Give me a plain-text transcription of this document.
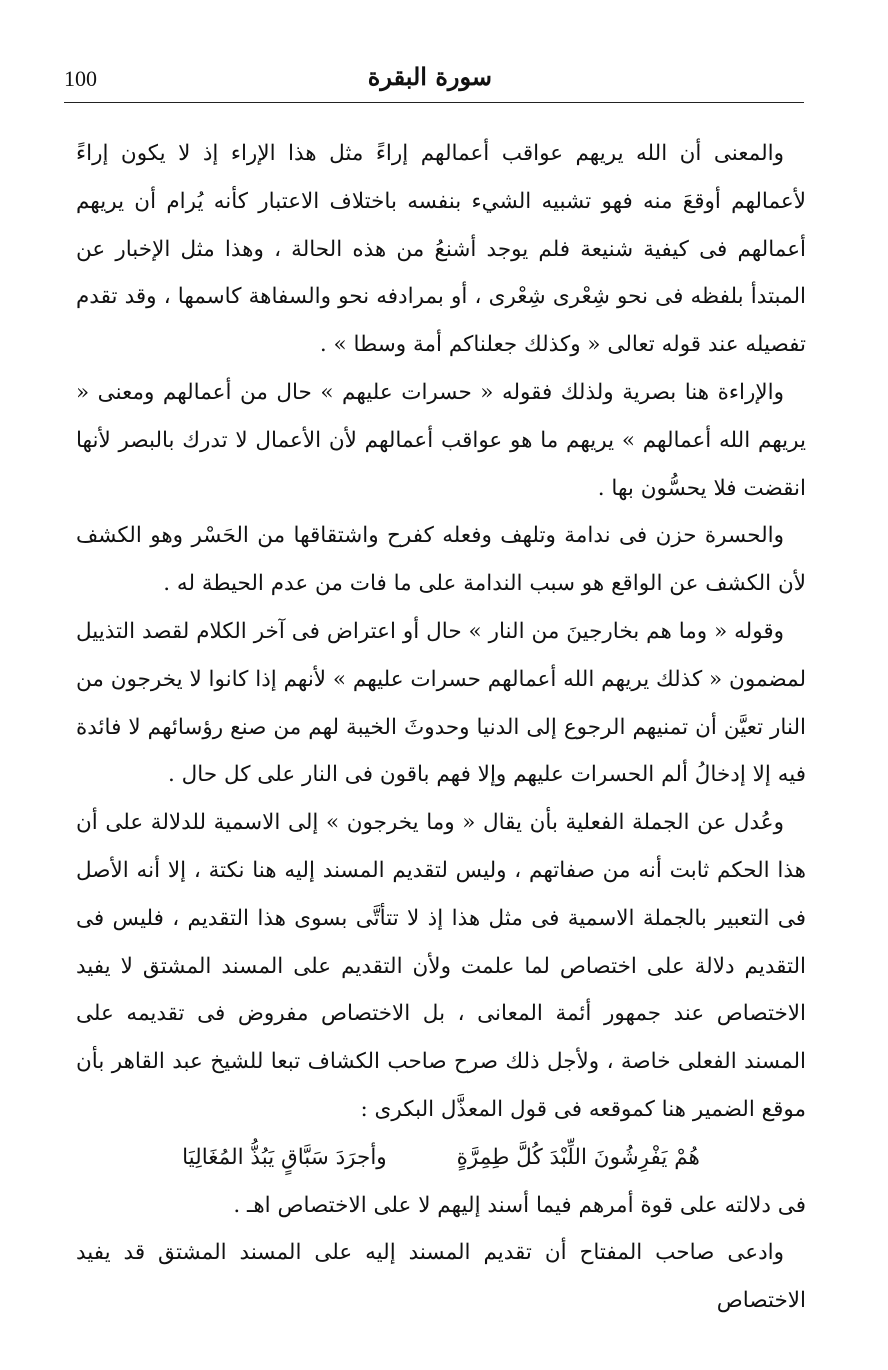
100	سورة البقرة

والمعنى أن الله يريهم عواقب أعمالهم إراءً مثل هذا الإراء إذ لا يكون إراءً لأعمالهم أوقعَ منه فهو تشبيه الشيء بنفسه باختلاف الاعتبار كأنه يُرام أن يريهم أعمالهم فى كيفية شنيعة فلم يوجد أشنعُ من هذه الحالة ، وهذا مثل الإخبار عن المبتدأ بلفظه فى نحو شِعْرى شِعْرى ، أو بمرادفه نحو والسفاهة كاسمها ، وقد تقدم تفصيله عند قوله تعالى « وكذلك جعلناكم أمة وسطا » .

والإراءة هنا بصرية ولذلك فقوله « حسرات عليهم » حال من أعمالهم ومعنى « يريهم الله أعمالهم » يريهم ما هو عواقب أعمالهم لأن الأعمال لا تدرك بالبصر لأنها انقضت فلا يحسُّون بها .

والحسرة حزن فى ندامة وتلهف وفعله كفرح واشتقاقها من الحَسْر وهو الكشف لأن الكشف عن الواقع هو سبب الندامة على ما فات من عدم الحيطة له .

وقوله « وما هم بخارجينَ من النار » حال أو اعتراض فى آخر الكلام لقصد التذييل لمضمون « كذلك يريهم الله أعمالهم حسرات عليهم » لأنهم إذا كانوا لا يخرجون من النار تعيَّن أن تمنيهم الرجوع إلى الدنيا وحدوثَ الخيبة لهم من صنع رؤسائهم لا فائدة فيه إلا إدخالُ ألم الحسرات عليهم وإلا فهم باقون فى النار على كل حال .

وعُدل عن الجملة الفعلية بأن يقال « وما يخرجون » إلى الاسمية للدلالة على أن هذا الحكم ثابت أنه من صفاتهم ، وليس لتقديم المسند إليه هنا نكتة ، إلا أنه الأصل فى التعبير بالجملة الاسمية فى مثل هذا إذ لا تتأتَّى بسوى هذا التقديم ، فليس فى التقديم دلالة على اختصاص لما علمت ولأن التقديم على المسند المشتق لا يفيد الاختصاص عند جمهور أئمة المعانى ، بل الاختصاص مفروض فى تقديمه على المسند الفعلى خاصة ، ولأجل ذلك صرح صاحب الكشاف تبعا للشيخ عبد القاهر بأن موقع الضمير هنا كموقعه فى قول المعذَّل البكرى :

هُمْ يَفْرِشُونَ اللِّبْدَ كُلَّ طِمِرَّةٍ
وأجرَدَ سَبَّاقٍ يَبُذُّ المُغَالِيَا

فى دلالته على قوة أمرهم فيما أسند إليهم لا على الاختصاص اهـ .

وادعى صاحب المفتاح أن تقديم المسند إليه على المسند المشتق قد يفيد الاختصاص
